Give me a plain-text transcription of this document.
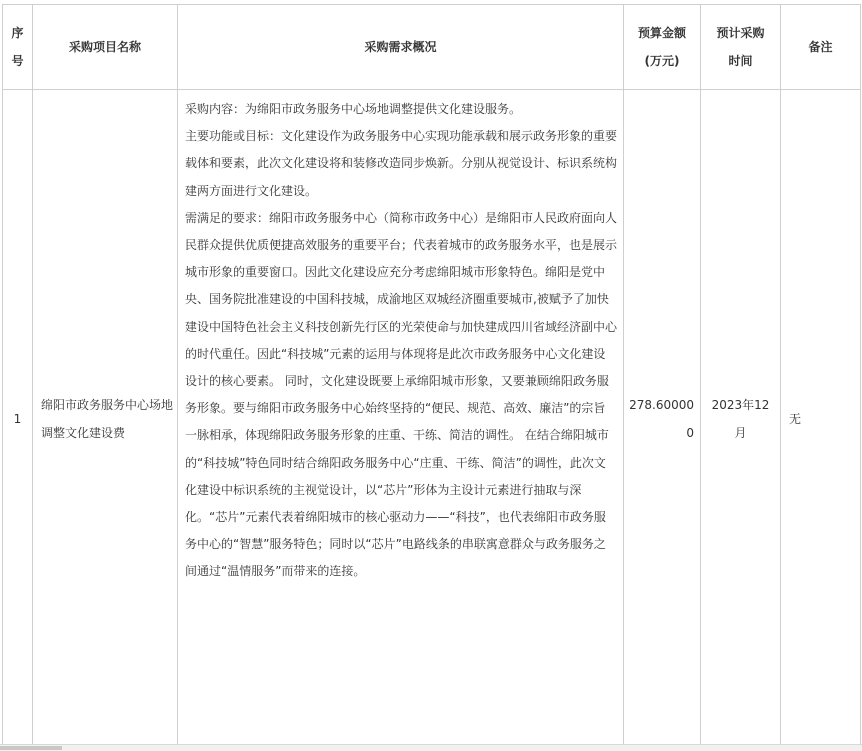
序号	采购项目名称	采购需求概况	预算金额(万元)	预计采购时间	备注
1	绵阳市政务服务中心场地调整文化建设费	采购内容：为绵阳市政务服务中心场地调整提供文化建设服务。

主要功能或目标：文化建设作为政务服务中心实现功能承载和展示政务形象的重要载体和要素，此次文化建设将和装修改造同步焕新。分别从视觉设计、标识系统构建两方面进行文化建设。

需满足的要求：绵阳市政务服务中心（简称市政务中心）是绵阳市人民政府面向人民群众提供优质便捷高效服务的重要平台；代表着城市的政务服务水平，也是展示城市形象的重要窗口。因此文化建设应充分考虑绵阳城市形象特色。绵阳是党中央、国务院批准建设的中国科技城，成渝地区双城经济圈重要城市,被赋予了加快建设中国特色社会主义科技创新先行区的光荣使命与加快建成四川省域经济副中心的时代重任。因此“科技城”元素的运用与体现将是此次市政务服务中心文化建设设计的核心要素。 同时，文化建设既要上承绵阳城市形象，又要兼顾绵阳政务服务形象。要与绵阳市政务服务中心始终坚持的“便民、规范、高效、廉洁”的宗旨一脉相承，体现绵阳政务服务形象的庄重、干练、简洁的调性。 在结合绵阳城市的“科技城”特色同时结合绵阳政务服务中心“庄重、干练、简洁”的调性，此次文化建设中标识系统的主视觉设计，以“芯片”形体为主设计元素进行抽取与深化。“芯片”元素代表着绵阳城市的核心驱动力——“科技”，也代表绵阳市政务服务中心的“智慧”服务特色；同时以“芯片”电路线条的串联寓意群众与政务服务之间通过“温情服务”而带来的连接。	278.600000	2023年12月	无
